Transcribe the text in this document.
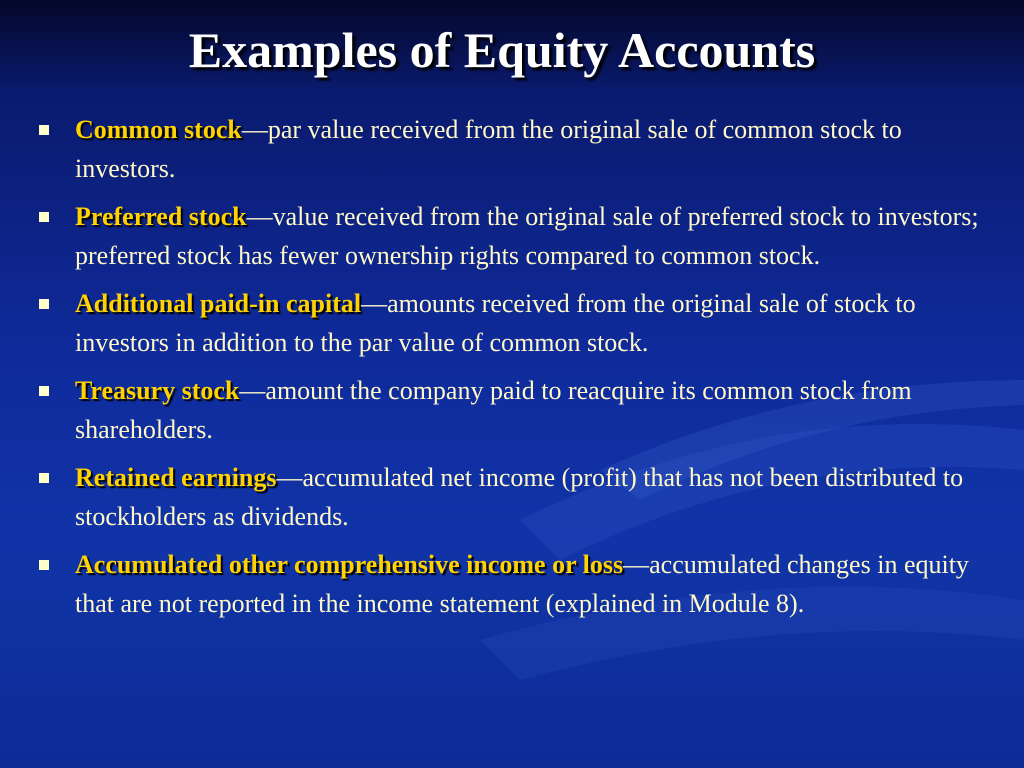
Examples of Equity Accounts
Common stock—par value received from the original sale of common stock to investors.
Preferred stock—value received from the original sale of preferred stock to investors; preferred stock has fewer ownership rights compared to common stock.
Additional paid-in capital—amounts received from the original sale of stock to investors in addition to the par value of common stock.
Treasury stock—amount the company paid to reacquire its common stock from shareholders.
Retained earnings—accumulated net income (profit) that has not been distributed to stockholders as dividends.
Accumulated other comprehensive income or loss—accumulated changes in equity that are not reported in the income statement (explained in Module 8).
